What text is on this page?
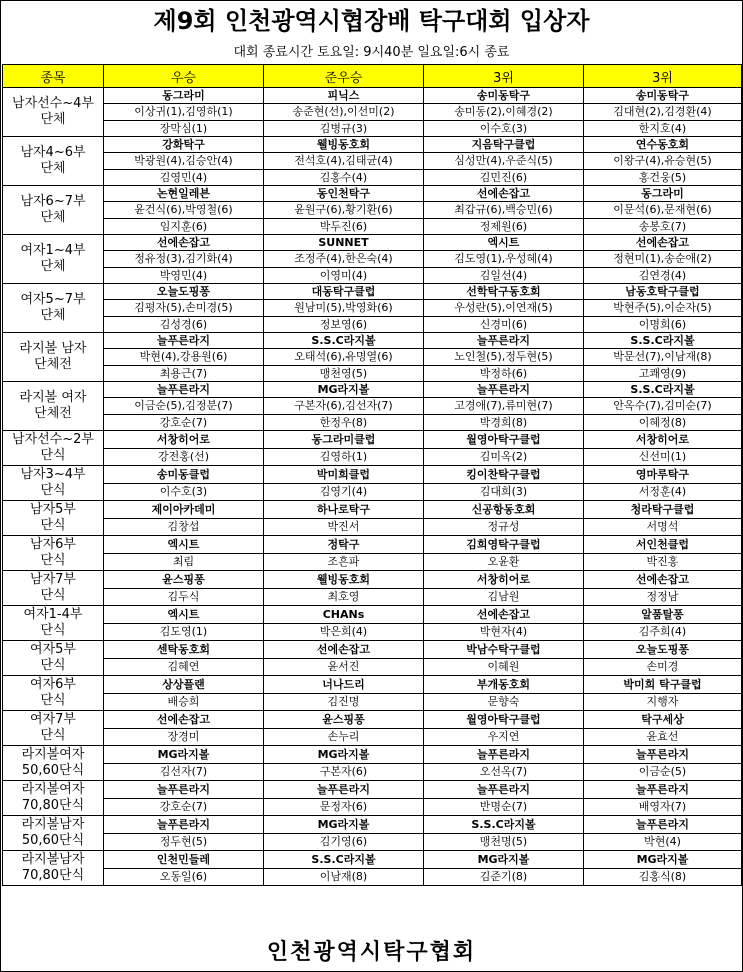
제9회 인천광역시협장배 탁구대회 입상자
대회 종료시간 토요일: 9시40분 일요일:6시 종료
종목	우승	준우승	3위	3위

남자선수~4부
단체	동그라미	피닉스	송미동탁구	송미동탁구
	이상귀(1),김영하(1)	송준현(선),이선미(2)	송미동(2),이혜경(2)	김대현(2),김경환(4)
	장막심(1)	김병규(3)	이수호(3)	한지호(4)

남자4~6부
단체	강화탁구	웰빙동호회	지음탁구클럽	연수동호회
	박광원(4),김승안(4)	전석호(4),김태균(4)	심성만(4),우준식(5)	이왕구(4),유승현(5)
	김영민(4)	김홍수(4)	김민진(6)	홍건웅(5)

남자6~7부
단체	논현일레븐	동인천탁구	선에손잡고	동그라미
	윤건식(6),박영철(6)	윤원구(6),황기환(6)	최갑규(6),백승민(6)	이문석(6),문재현(6)
	임지훈(6)	박두진(6)	정제원(6)	송봉호(7)

여자1~4부
단체	선에손잡고	SUNNET	엑시트	선에손잡고
	정유정(3),김기화(4)	조정주(4),한은숙(4)	김도영(1),우성혜(4)	정현미(1),송순애(2)
	박영민(4)	이영미(4)	김일선(4)	김연경(4)

여자5~7부
단체	오늘도핑퐁	대동탁구클럽	선학탁구동호회	남동호탁구클럽
	김평자(5),손미경(5)	원남미(5),박영화(6)	우성란(5),이연재(5)	박현주(5),이순자(5)
	김성경(6)	정보영(6)	신경미(6)	이명희(6)

라지볼 남자
단체전	늘푸른라지	S.S.C라지볼	늘푸른라지	S.S.C라지볼
	박현(4),강용원(6)	오태석(6),유명열(6)	노인철(5),정두현(5)	박문선(7),이남재(8)
	최용근(7)	맹천영(5)	박정하(6)	고쾌영(9)

라지볼 여자
단체전	늘푸른라지	MG라지볼	늘푸른라지	S.S.C라지볼
	이금순(5),김정분(7)	구본자(6),김선자(7)	고경애(7),류미현(7)	안옥수(7),김미순(7)
	강호순(7)	한정우(8)	박경희(8)	이혜정(8)

남자선수~2부
단식	서창히어로	동그라미클럽	월영아탁구클럽	서창히어로
	강전홍(선)	김영하(1)	김미옥(2)	신선미(1)

남자3~4부
단식	송미동클럽	박미희클럽	킹이찬탁구클럽	영마루탁구
	이수호(3)	김영기(4)	김대희(3)	서정훈(4)

남자5부
단식	제이아카데미	하나로탁구	신공항동호회	청라탁구클럽
	김창섭	박진서	정규성	서명석

남자6부
단식	엑시트	정탁구	김희영탁구클럽	서인천클럽
	최림	조흔파	오윤환	박진홍

남자7부
단식	윤스핑퐁	웰빙동호회	서창히어로	선에손잡고
	김두식	최호영	김남원	정정남

여자1-4부
단식	엑시트	CHANs	선에손잡고	알품탈퐁
	김도영(1)	박은희(4)	박현자(4)	김주희(4)

여자5부
단식	센탁동호회	선에손잡고	박남수탁구클럽	오늘도핑퐁
	김혜연	윤서진	이혜원	손미경

여자6부
단식	상상플랜	너나드리	부개동호회	박미희 탁구클럽
	배승희	김진명	문향숙	지행자

여자7부
단식	선에손잡고	윤스핑퐁	월영아탁구클럽	탁구세상
	장경미	손누리	우지연	윤효선

라지볼여자
50,60단식	MG라지볼	MG라지볼	늘푸른라지	늘푸른라지
	김선자(7)	구본자(6)	오선옥(7)	이금순(5)

라지볼여자
70,80단식	늘푸른라지	늘푸른라지	늘푸른라지	늘푸른라지
	강호순(7)	문정자(6)	반명순(7)	배영자(7)

라지볼남자
50,60단식	늘푸른라지	MG라지볼	S.S.C라지볼	늘푸른라지
	정두현(5)	김기영(6)	맹천명(5)	박현(4)

라지볼남자
70,80단식	인천민들레	S.S.C라지볼	MG라지볼	MG라지볼
	오동일(6)	이남재(8)	김준기(8)	김홍식(8)
인천광역시탁구협회
